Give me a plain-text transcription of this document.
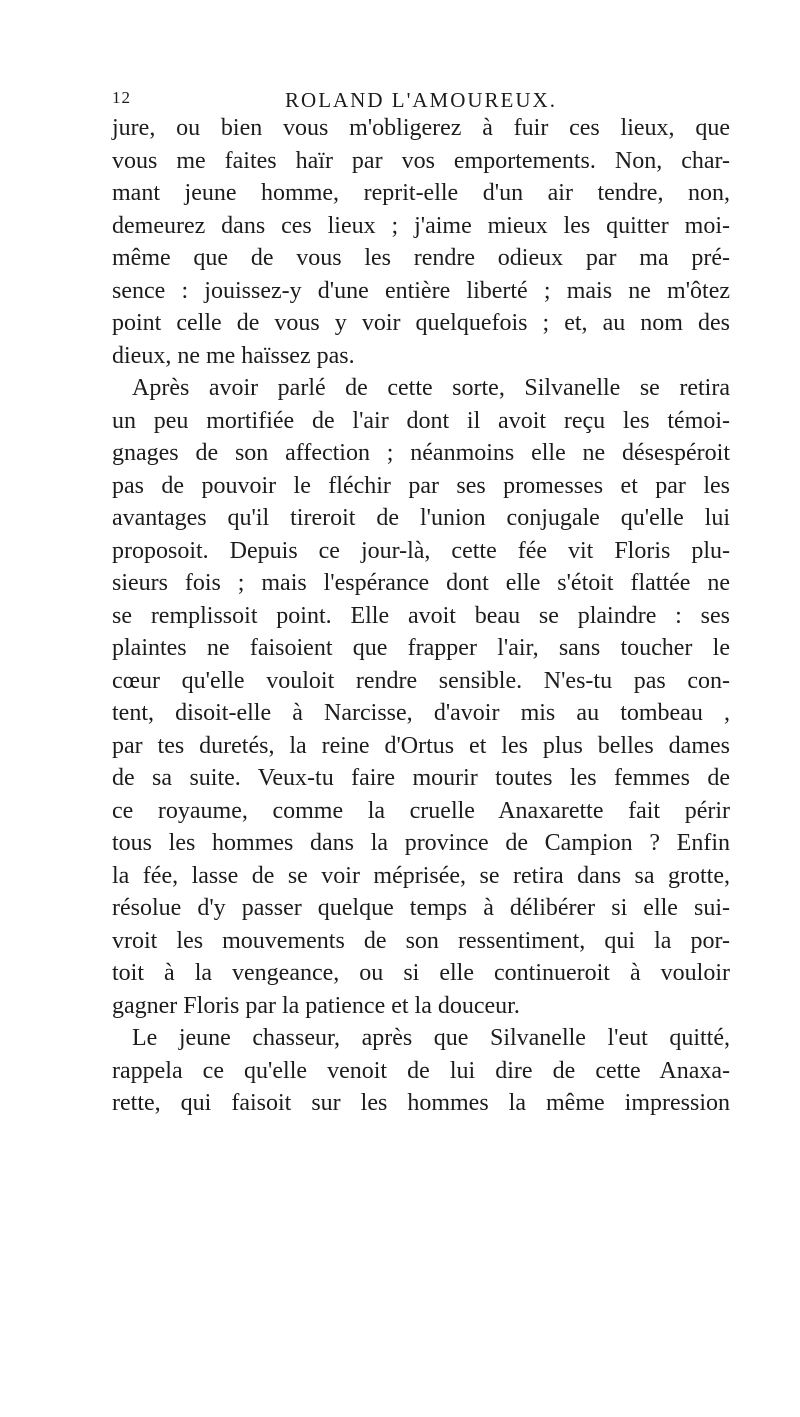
12	ROLAND L'AMOUREUX.
jure, ou bien vous m'obligerez à fuir ces lieux, que
vous me faites haïr par vos emportements. Non, char-
mant jeune homme, reprit-elle d'un air tendre, non,
demeurez dans ces lieux ; j'aime mieux les quitter moi-
même que de vous les rendre odieux par ma pré-
sence : jouissez-y d'une entière liberté ; mais ne m'ôtez
point celle de vous y voir quelquefois ; et, au nom des
dieux, ne me haïssez pas.
Après avoir parlé de cette sorte, Silvanelle se retira
un peu mortifiée de l'air dont il avoit reçu les témoi-
gnages de son affection ; néanmoins elle ne désespéroit
pas de pouvoir le fléchir par ses promesses et par les
avantages qu'il tireroit de l'union conjugale qu'elle lui
proposoit. Depuis ce jour-là, cette fée vit Floris plu-
sieurs fois ; mais l'espérance dont elle s'étoit flattée ne
se remplissoit point. Elle avoit beau se plaindre : ses
plaintes ne faisoient que frapper l'air, sans toucher le
cœur qu'elle vouloit rendre sensible. N'es-tu pas con-
tent, disoit-elle à Narcisse, d'avoir mis au tombeau ,
par tes duretés, la reine d'Ortus et les plus belles dames
de sa suite. Veux-tu faire mourir toutes les femmes de
ce royaume, comme la cruelle Anaxarette fait périr
tous les hommes dans la province de Campion ? Enfin
la fée, lasse de se voir méprisée, se retira dans sa grotte,
résolue d'y passer quelque temps à délibérer si elle sui-
vroit les mouvements de son ressentiment, qui la por-
toit à la vengeance, ou si elle continueroit à vouloir
gagner Floris par la patience et la douceur.
Le jeune chasseur, après que Silvanelle l'eut quitté,
rappela ce qu'elle venoit de lui dire de cette Anaxa-
rette, qui faisoit sur les hommes la même impression
